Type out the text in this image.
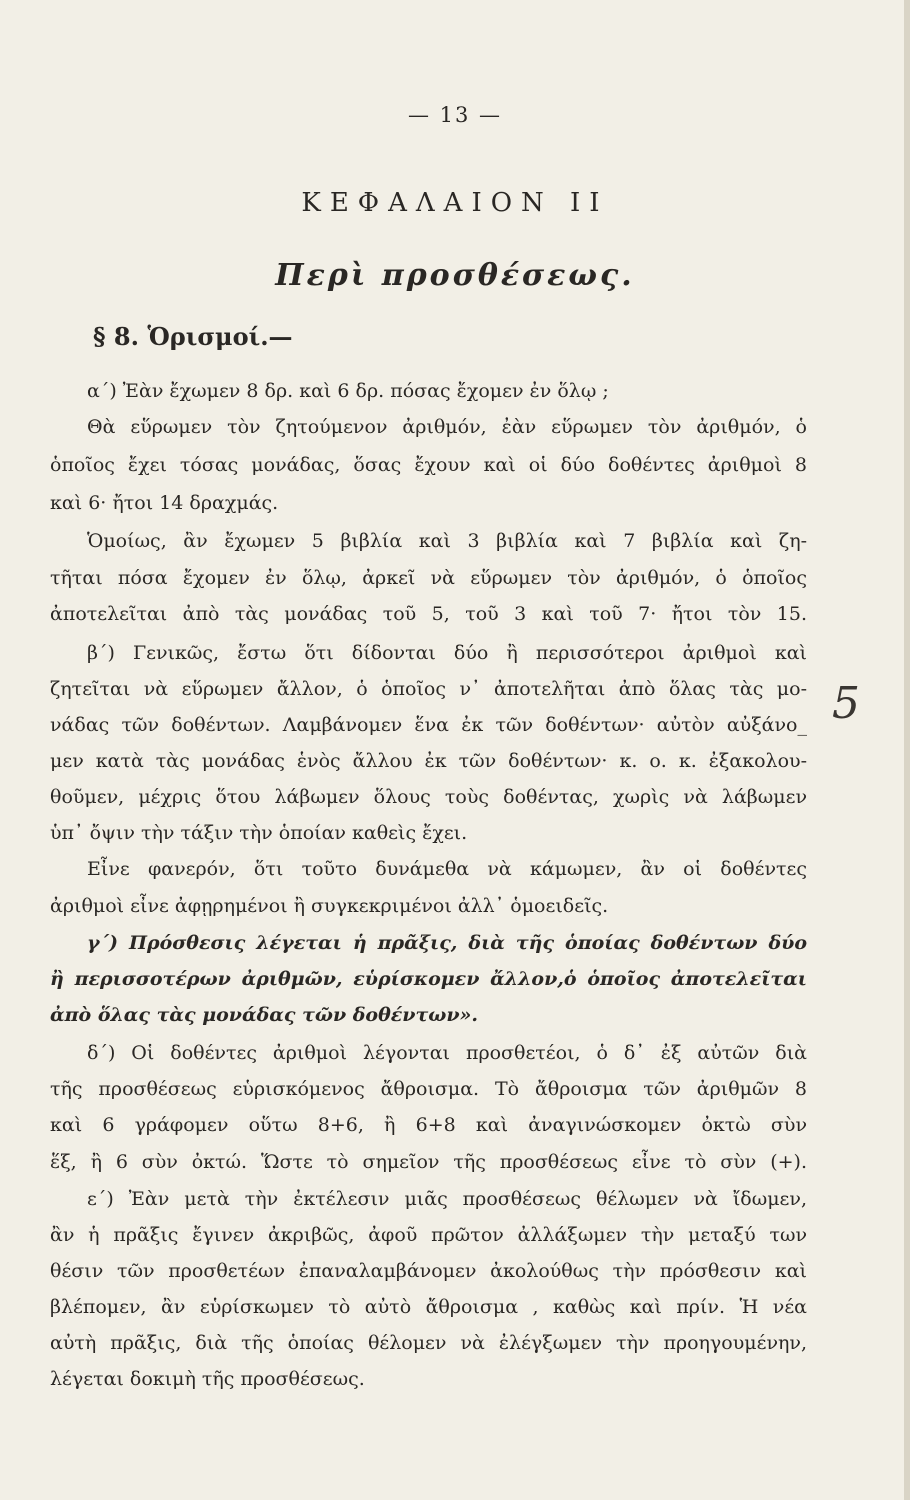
— 13 —
ΚΕΦΑΛΑΙΟΝ ΙΙ
Περὶ προσθέσεως.
§ 8. Ὁρισμοί.—
α΄) Ἐὰν ἔχωμεν 8 δρ. καὶ 6 δρ. πόσας ἔχομεν ἐν ὅλῳ ;
Θὰ εὕρωμεν τὸν ζητούμενον ἀριθμόν, ἐὰν εὕρωμεν τὸν ἀριθμόν, ὁ
ὁποῖος ἔχει τόσας μονάδας, ὅσας ἔχουν καὶ οἱ δύο δοθέντες ἀριθμοὶ 8
καὶ 6· ἤτοι 14 δραχμάς.
Ὁμοίως, ἂν ἔχωμεν 5 βιβλία καὶ 3 βιβλία καὶ 7 βιβλία καὶ ζη-
τῆται πόσα ἔχομεν ἐν ὅλῳ, ἀρκεῖ νὰ εὕρωμεν τὸν ἀριθμόν, ὁ ὁποῖος
ἀποτελεῖται ἀπὸ τὰς μονάδας τοῦ 5, τοῦ 3 καὶ τοῦ 7· ἤτοι τὸν 15.
β΄) Γενικῶς, ἔστω ὅτι δίδονται δύο ἢ περισσότεροι ἀριθμοὶ καὶ
ζητεῖται νὰ εὕρωμεν ἄλλον, ὁ ὁποῖος ν᾿ ἀποτελῆται ἀπὸ ὅλας τὰς μο-
νάδας τῶν δοθέντων. Λαμβάνομεν ἕνα ἐκ τῶν δοθέντων· αὐτὸν αὐξάνο_
μεν κατὰ τὰς μονάδας ἑνὸς ἄλλου ἐκ τῶν δοθέντων· κ. ο. κ. ἐξακολου-
θοῦμεν, μέχρις ὅτου λάβωμεν ὅλους τοὺς δοθέντας, χωρὶς νὰ λάβωμεν
ὑπ᾿ ὄψιν τὴν τάξιν τὴν ὁποίαν καθεὶς ἔχει.
Εἶνε φανερόν, ὅτι τοῦτο δυνάμεθα νὰ κάμωμεν, ἂν οἱ δοθέντες
ἀριθμοὶ εἶνε ἀφῃρημένοι ἢ συγκεκριμένοι ἀλλ᾿ ὁμοειδεῖς.
γ΄) Πρόσθεσις λέγεται ἡ πρᾶξις, διὰ τῆς ὁποίας δοθέντων δύο
ἢ περισσοτέρων ἀριθμῶν, εὑρίσκομεν ἄλλον,ὁ ὁποῖος ἀποτελεῖται
ἀπὸ ὅλας τὰς μονάδας τῶν δοθέντων».
δ΄) Οἱ δοθέντες ἀριθμοὶ λέγονται προσθετέοι, ὁ δ᾿ ἐξ αὐτῶν διὰ
τῆς προσθέσεως εὑρισκόμενος ἄθροισμα. Τὸ ἄθροισμα τῶν ἀριθμῶν 8
καὶ 6 γράφομεν οὕτω 8+6, ἢ 6+8 καὶ ἀναγινώσκομεν ὀκτὼ σὺν
ἕξ, ἢ 6 σὺν ὀκτώ. Ὥστε τὸ σημεῖον τῆς προσθέσεως εἶνε τὸ σὺν (+).
ε΄) Ἐὰν μετὰ τὴν ἐκτέλεσιν μιᾶς προσθέσεως θέλωμεν νὰ ἴδωμεν,
ἂν ἡ πρᾶξις ἔγινεν ἀκριβῶς, ἀφοῦ πρῶτον ἀλλάξωμεν τὴν μεταξύ των
θέσιν τῶν προσθετέων ἐπαναλαμβάνομεν ἀκολούθως τὴν πρόσθεσιν καὶ
βλέπομεν, ἂν εὑρίσκωμεν τὸ αὐτὸ ἄθροισμα , καθὼς καὶ πρίν. Ἡ νέα
αὐτὴ πρᾶξις, διὰ τῆς ὁποίας θέλομεν νὰ ἐλέγξωμεν τὴν προηγουμένην,
λέγεται δοκιμὴ τῆς προσθέσεως.
5
